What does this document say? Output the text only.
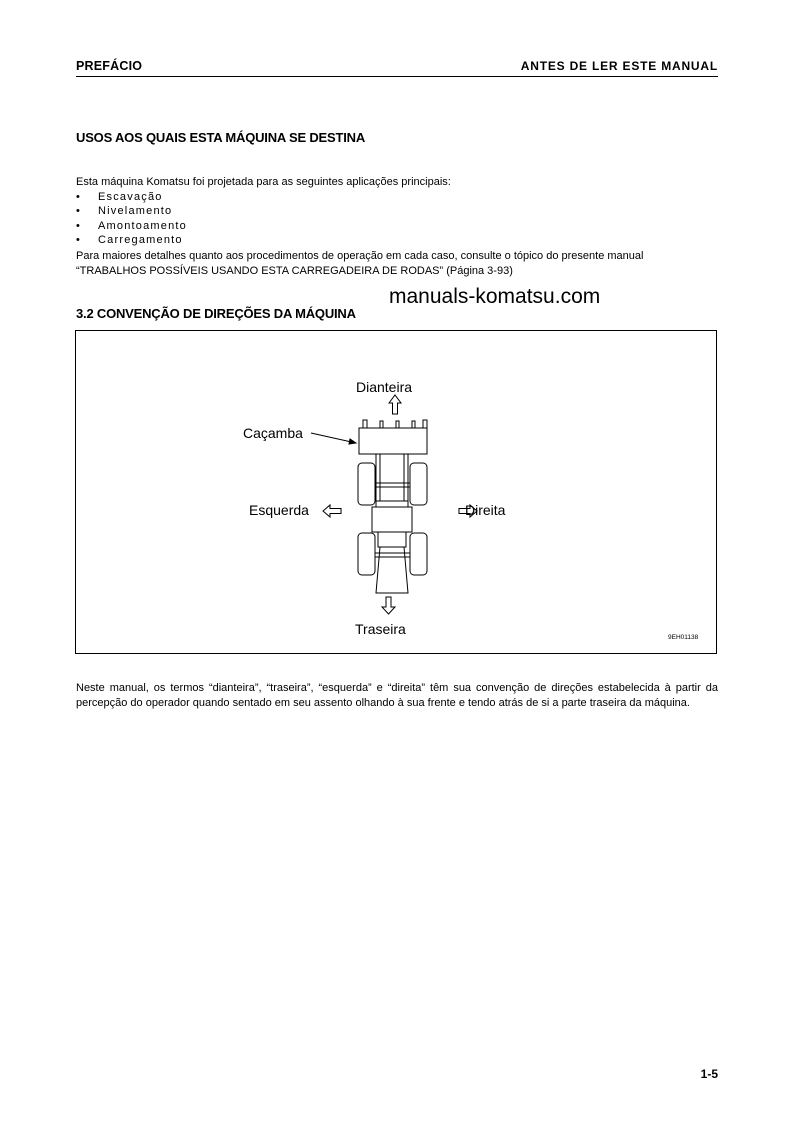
PREFÁCIO	ANTES DE LER ESTE MANUAL
USOS AOS QUAIS ESTA MÁQUINA SE DESTINA
Esta máquina Komatsu foi projetada para as seguintes aplicações principais:
• Escavação
• Nivelamento
• Amontoamento
• Carregamento
Para maiores detalhes quanto aos procedimentos de operação em cada caso, consulte o tópico do presente manual
“TRABALHOS POSSÍVEIS USANDO ESTA CARREGADEIRA DE RODAS” (Página 3-93)
manuals-komatsu.com
3.2 CONVENÇÃO DE DIREÇÕES DA MÁQUINA
Dianteira
Caçamba
Esquerda	Direita
Traseira
9EH01138
Neste manual, os termos “dianteira”, “traseira”, “esquerda” e “direita” têm sua convenção de direções estabelecida à partir da percepção do operador quando sentado em seu assento olhando à sua frente e tendo atrás de si a parte traseira da máquina.
1-5
